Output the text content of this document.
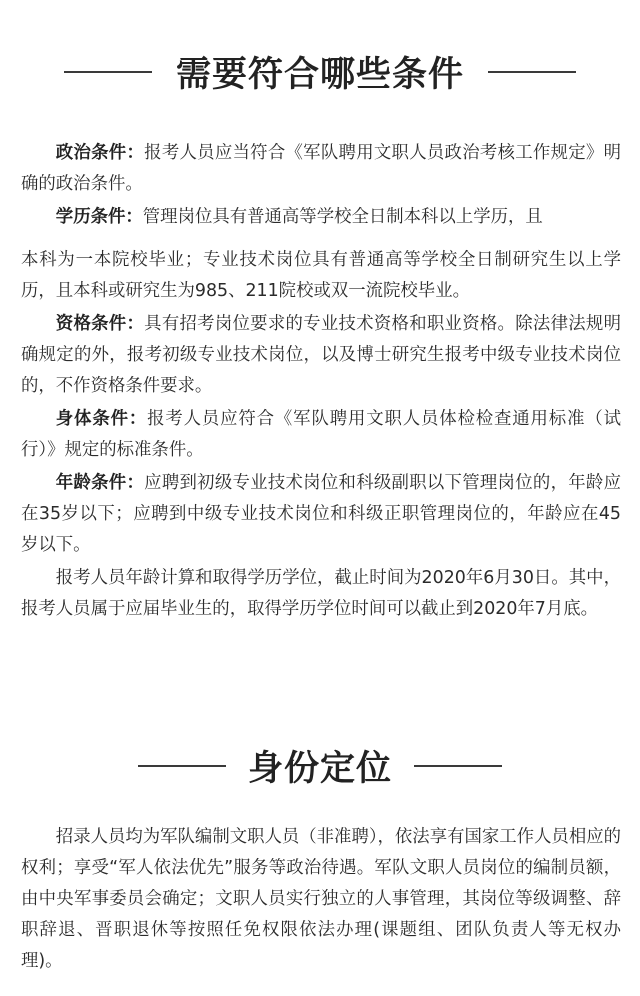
需要符合哪些条件

政治条件：报考人员应当符合《军队聘用文职人员政治考核工作规定》明确的政治条件。

学历条件：管理岗位具有普通高等学校全日制本科以上学历，且

本科为一本院校毕业；专业技术岗位具有普通高等学校全日制研究生以上学历，且本科或研究生为985、211院校或双一流院校毕业。

资格条件：具有招考岗位要求的专业技术资格和职业资格。除法律法规明确规定的外，报考初级专业技术岗位，以及博士研究生报考中级专业技术岗位的，不作资格条件要求。

身体条件：报考人员应符合《军队聘用文职人员体检检查通用标准（试行）》规定的标准条件。

年龄条件：应聘到初级专业技术岗位和科级副职以下管理岗位的，年龄应在35岁以下；应聘到中级专业技术岗位和科级正职管理岗位的，年龄应在45岁以下。

报考人员年龄计算和取得学历学位，截止时间为2020年6月30日。其中，报考人员属于应届毕业生的，取得学历学位时间可以截止到2020年7月底。

身份定位

招录人员均为军队编制文职人员（非准聘），依法享有国家工作人员相应的权利；享受“军人依法优先”服务等政治待遇。军队文职人员岗位的编制员额，由中央军事委员会确定；文职人员实行独立的人事管理，其岗位等级调整、辞职辞退、晋职退休等按照任免权限依法办理(课题组、团队负责人等无权办理)。
